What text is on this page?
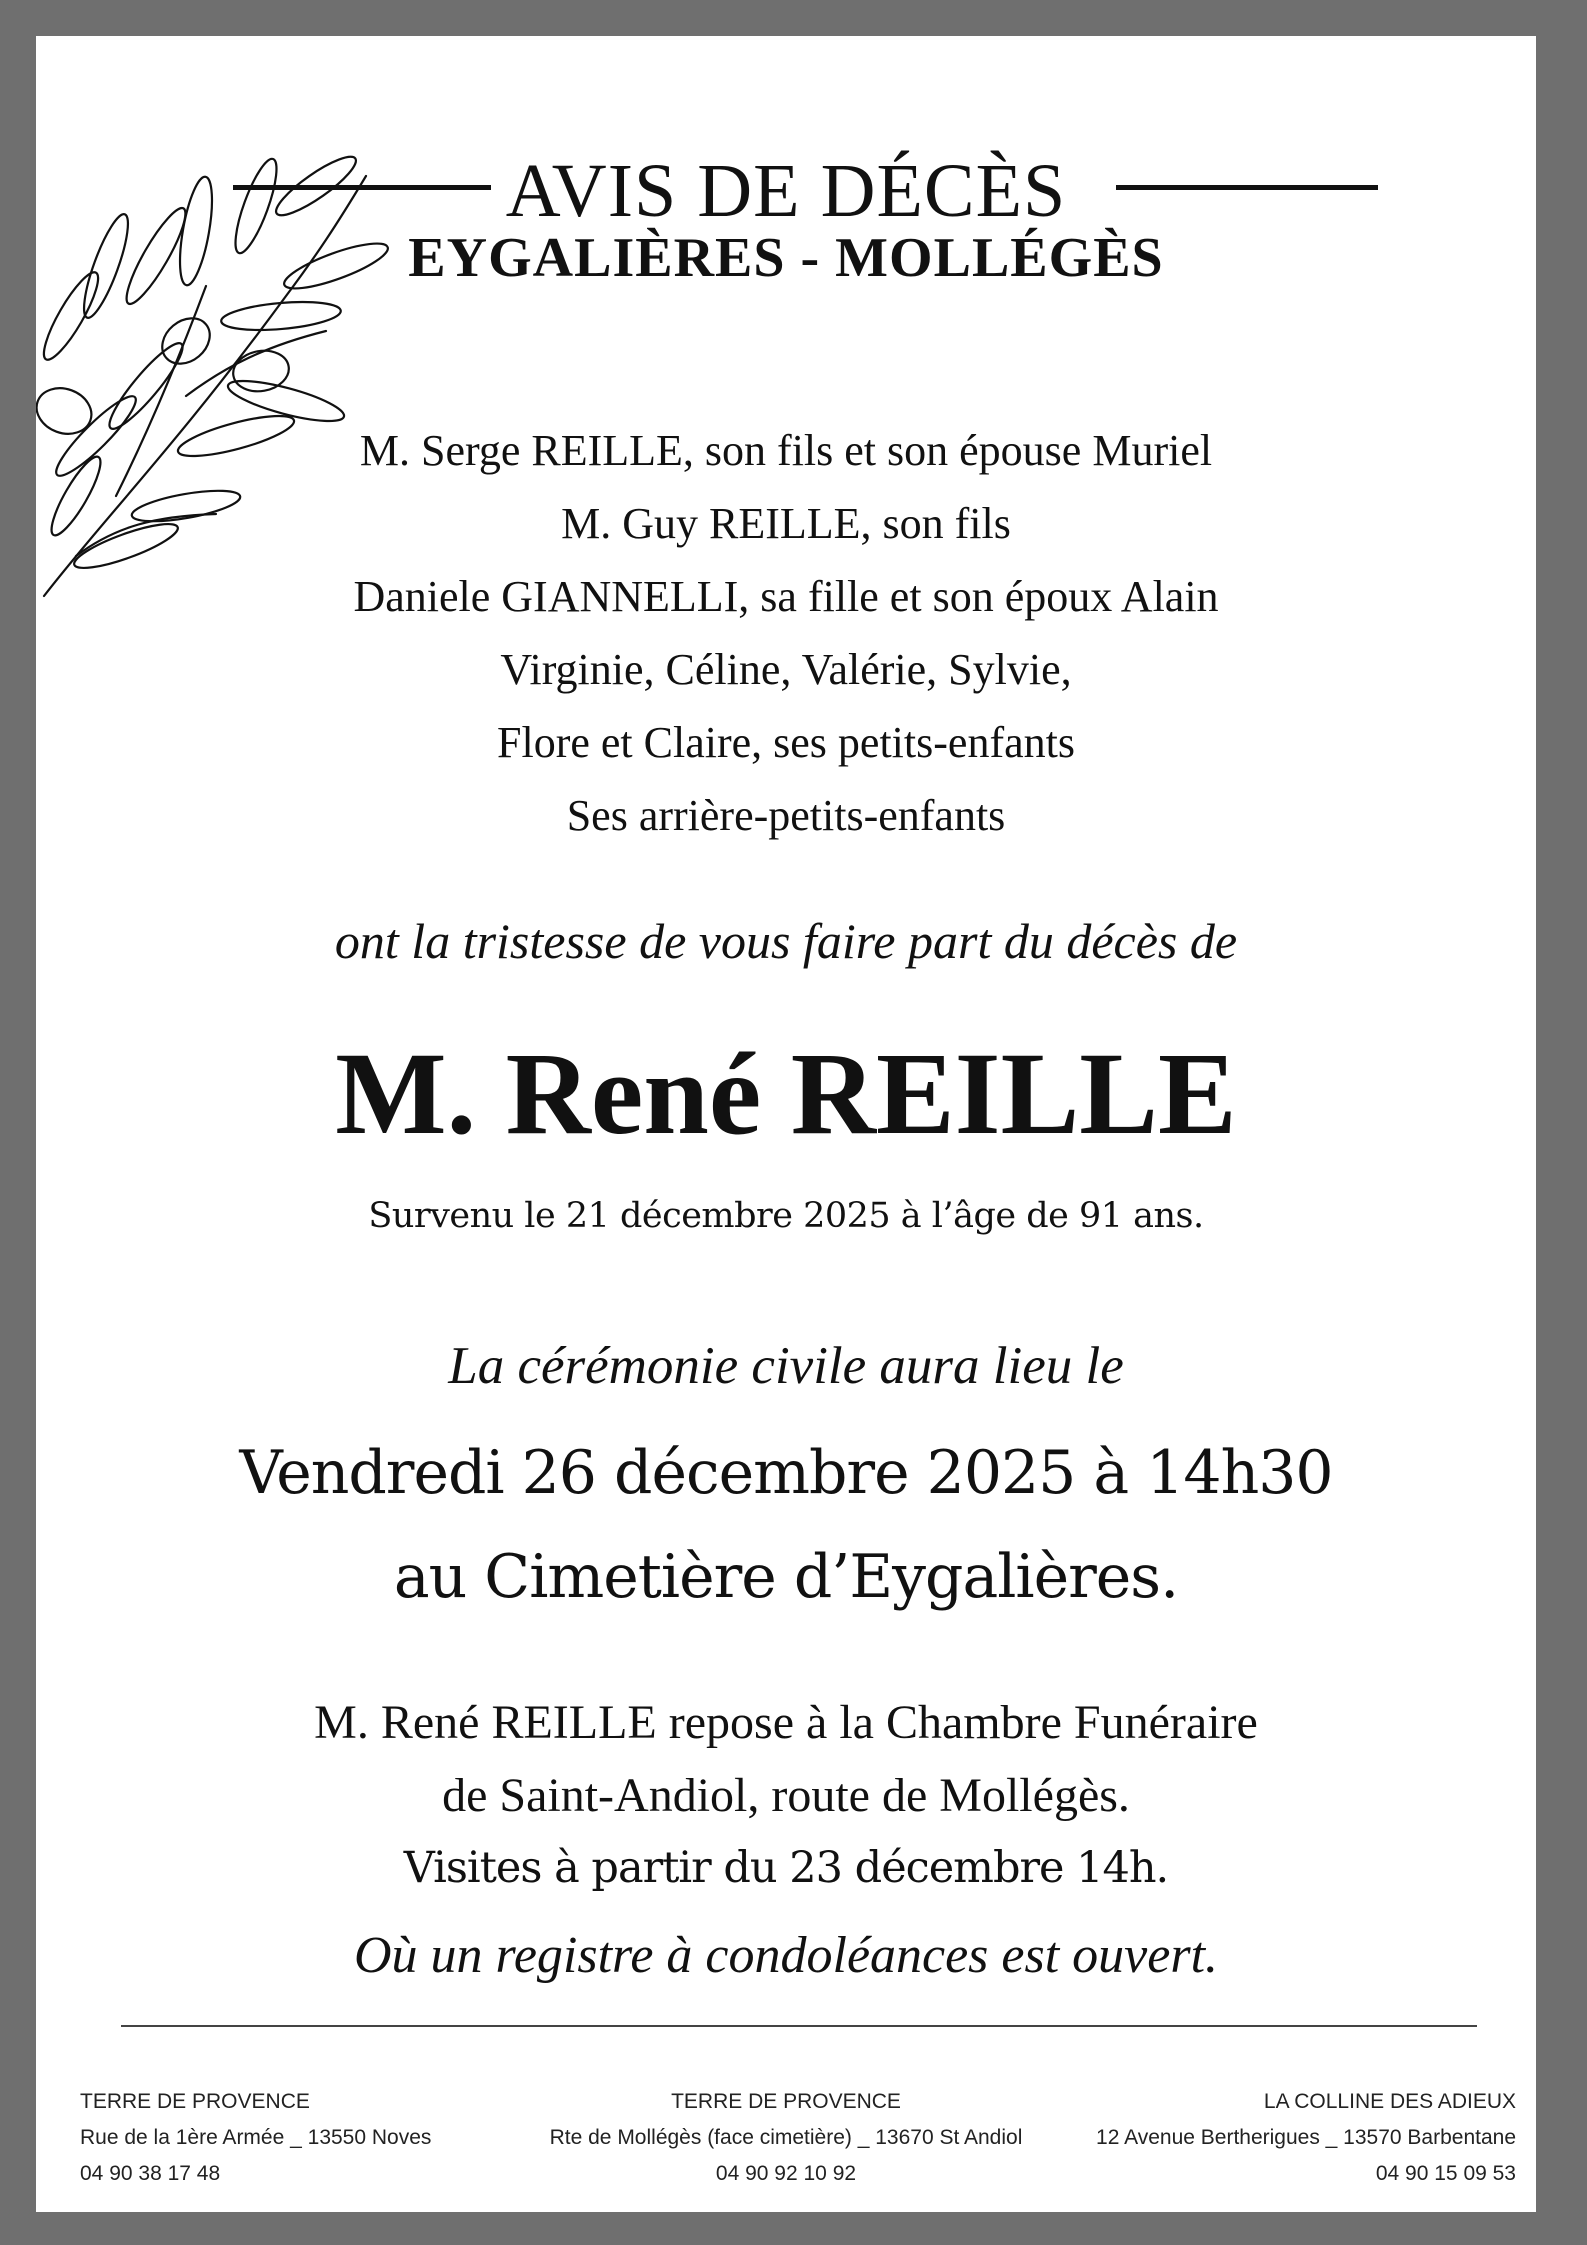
AVIS DE DÉCÈS
EYGALIÈRES - MOLLÉGÈS
M. Serge REILLE, son fils et son épouse Muriel
M. Guy REILLE, son fils
Daniele GIANNELLI, sa fille et son époux Alain
Virginie, Céline, Valérie, Sylvie,
Flore et Claire, ses petits-enfants
Ses arrière-petits-enfants
ont la tristesse de vous faire part du décès de
M. René REILLE
Survenu le 21 décembre 2025 à l’âge de 91 ans.
La cérémonie civile aura lieu le
Vendredi 26 décembre 2025 à 14h30
au Cimetière d’Eygalières.
M. René REILLE repose à la Chambre Funéraire
de Saint-Andiol, route de Mollégès.
Visites à partir du 23 décembre 14h.
Où un registre à condoléances est ouvert.
TERRE DE PROVENCE
Rue de la 1ère Armée _ 13550 Noves
04 90 38 17 48
TERRE DE PROVENCE
Rte de Mollégès (face cimetière) _ 13670 St Andiol
04 90 92 10 92
LA COLLINE DES ADIEUX
12 Avenue Bertherigues _ 13570 Barbentane
04 90 15 09 53
